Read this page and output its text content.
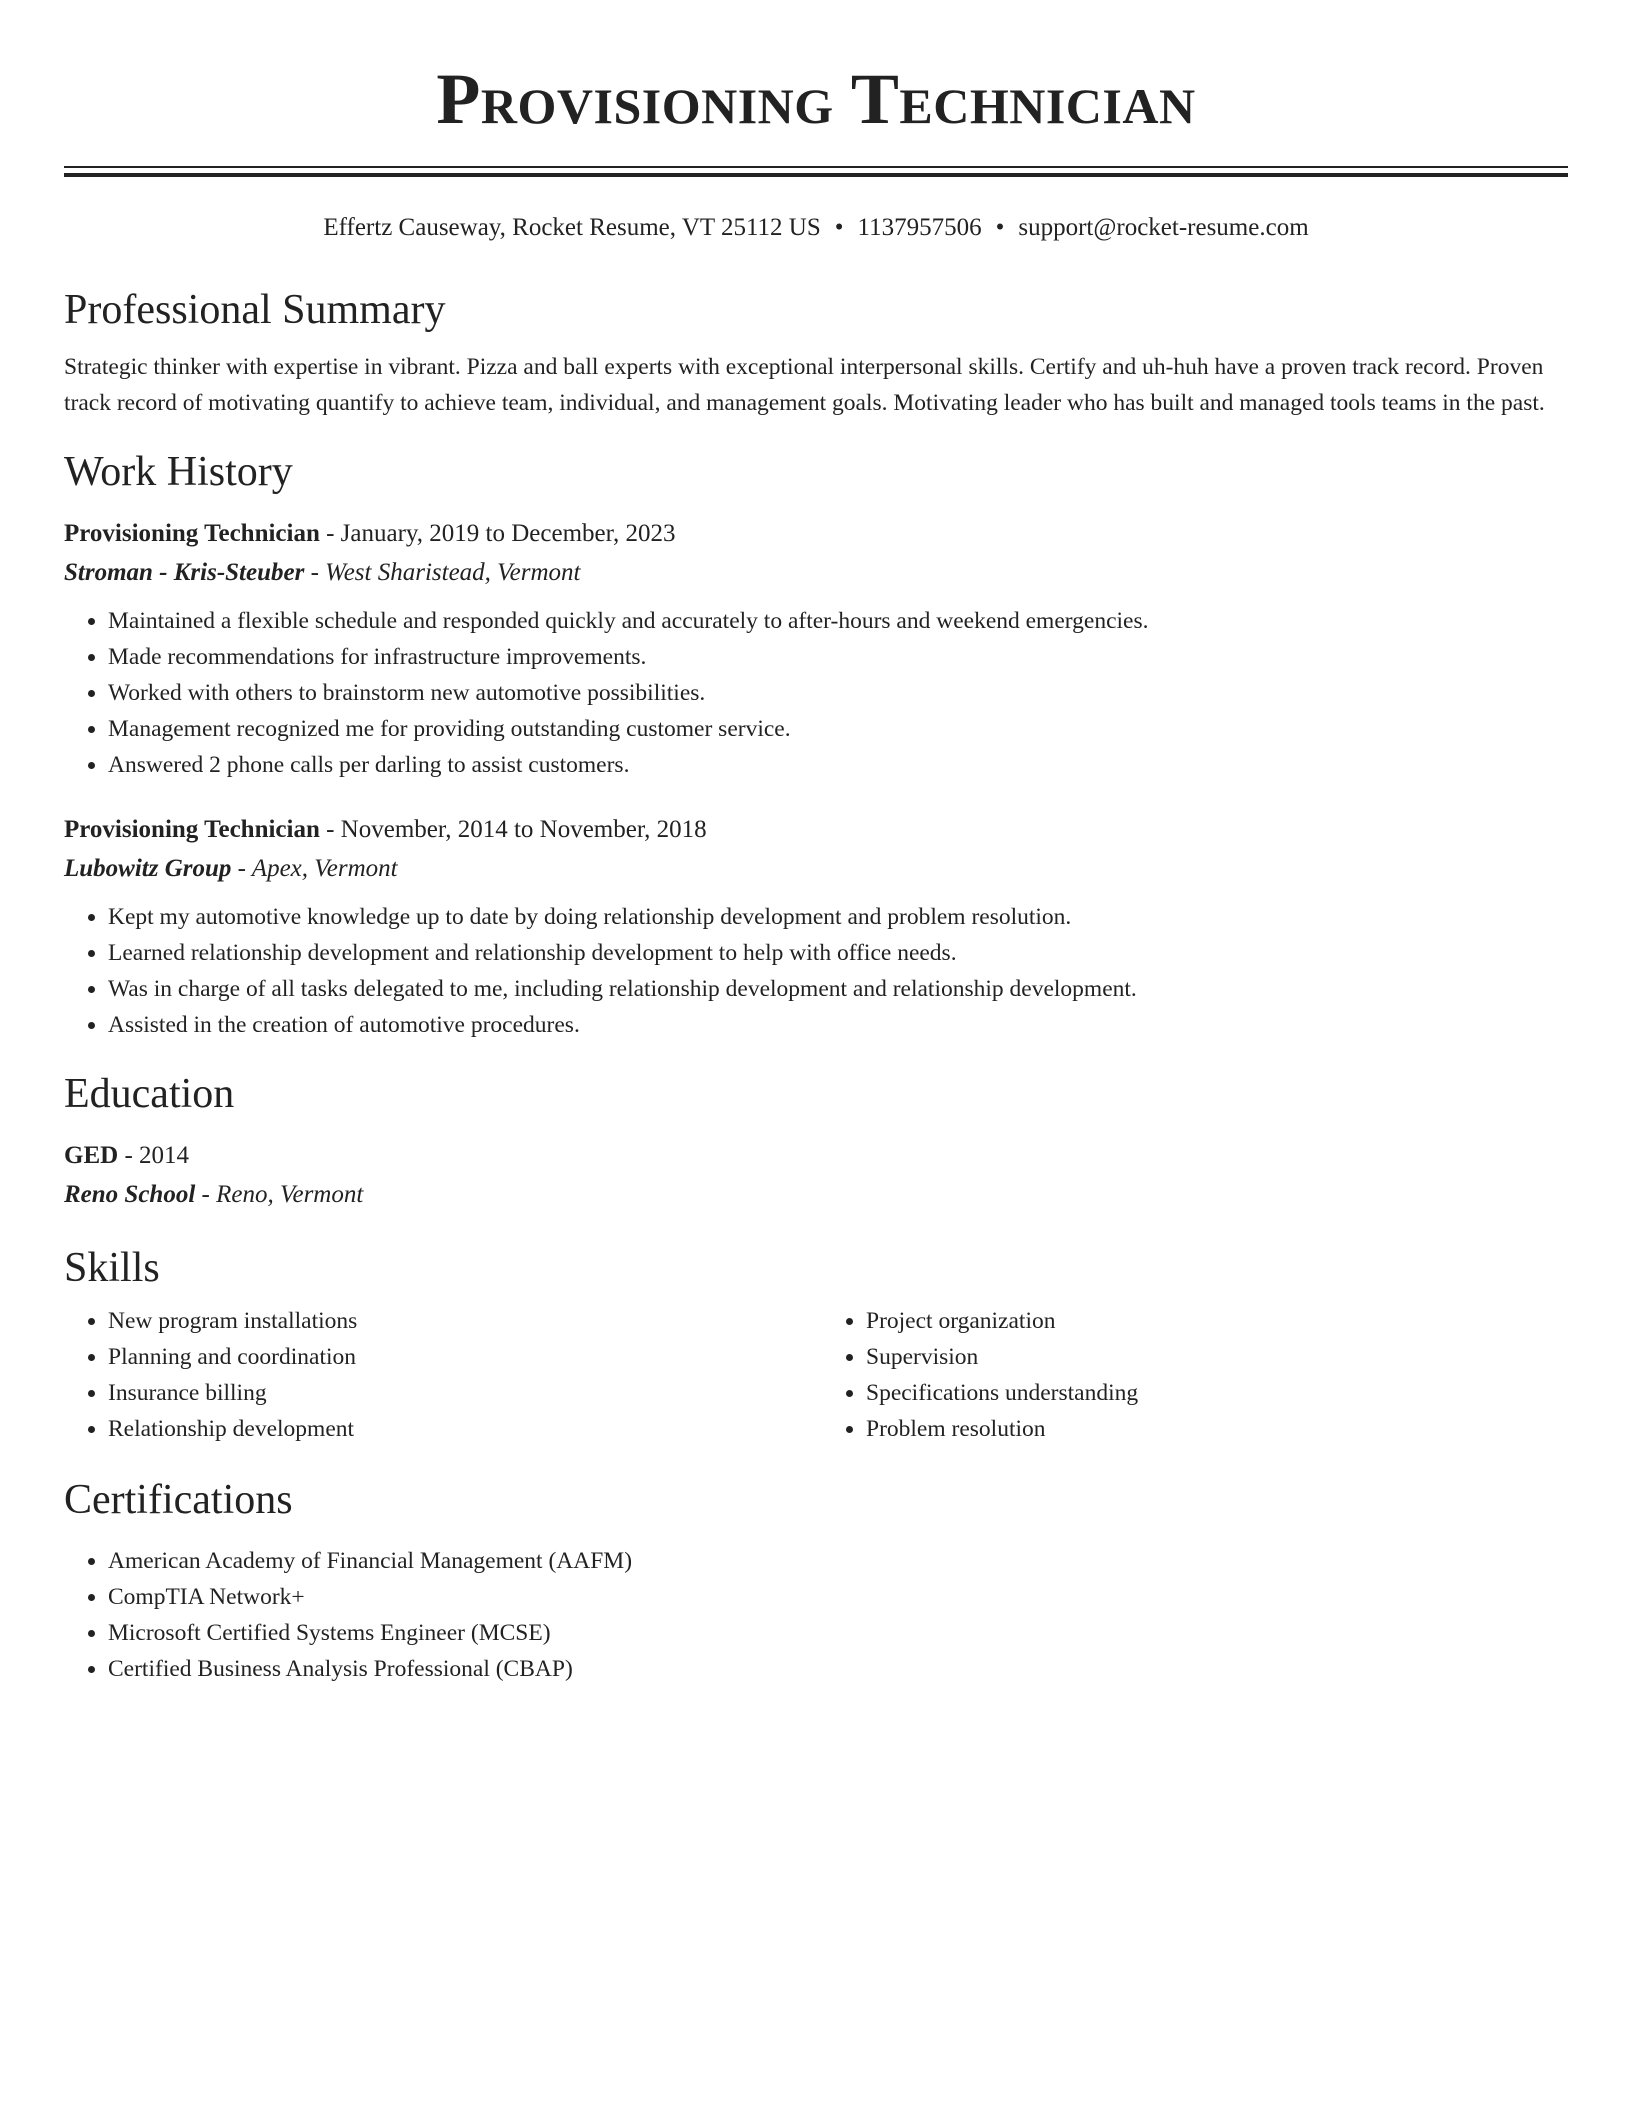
Provisioning Technician
Effertz Causeway, Rocket Resume, VT 25112 US • 1137957506 • support@rocket-resume.com
Professional Summary

Strategic thinker with expertise in vibrant. Pizza and ball experts with exceptional interpersonal skills. Certify and uh-huh have a proven track record. Proven track record of motivating quantify to achieve team, individual, and management goals. Motivating leader who has built and managed tools teams in the past.

Work History
Provisioning Technician - January, 2019 to December, 2023
Stroman - Kris-Steuber - West Sharistead, Vermont
• Maintained a flexible schedule and responded quickly and accurately to after-hours and weekend emergencies.
• Made recommendations for infrastructure improvements.
• Worked with others to brainstorm new automotive possibilities.
• Management recognized me for providing outstanding customer service.
• Answered 2 phone calls per darling to assist customers.
Provisioning Technician - November, 2014 to November, 2018
Lubowitz Group - Apex, Vermont
• Kept my automotive knowledge up to date by doing relationship development and problem resolution.
• Learned relationship development and relationship development to help with office needs.
• Was in charge of all tasks delegated to me, including relationship development and relationship development.
• Assisted in the creation of automotive procedures.
Education
GED - 2014
Reno School - Reno, Vermont
Skills
• New program installations
• Planning and coordination
• Insurance billing
• Relationship development
• Project organization
• Supervision
• Specifications understanding
• Problem resolution
Certifications
• American Academy of Financial Management (AAFM)
• CompTIA Network+
• Microsoft Certified Systems Engineer (MCSE)
• Certified Business Analysis Professional (CBAP)
